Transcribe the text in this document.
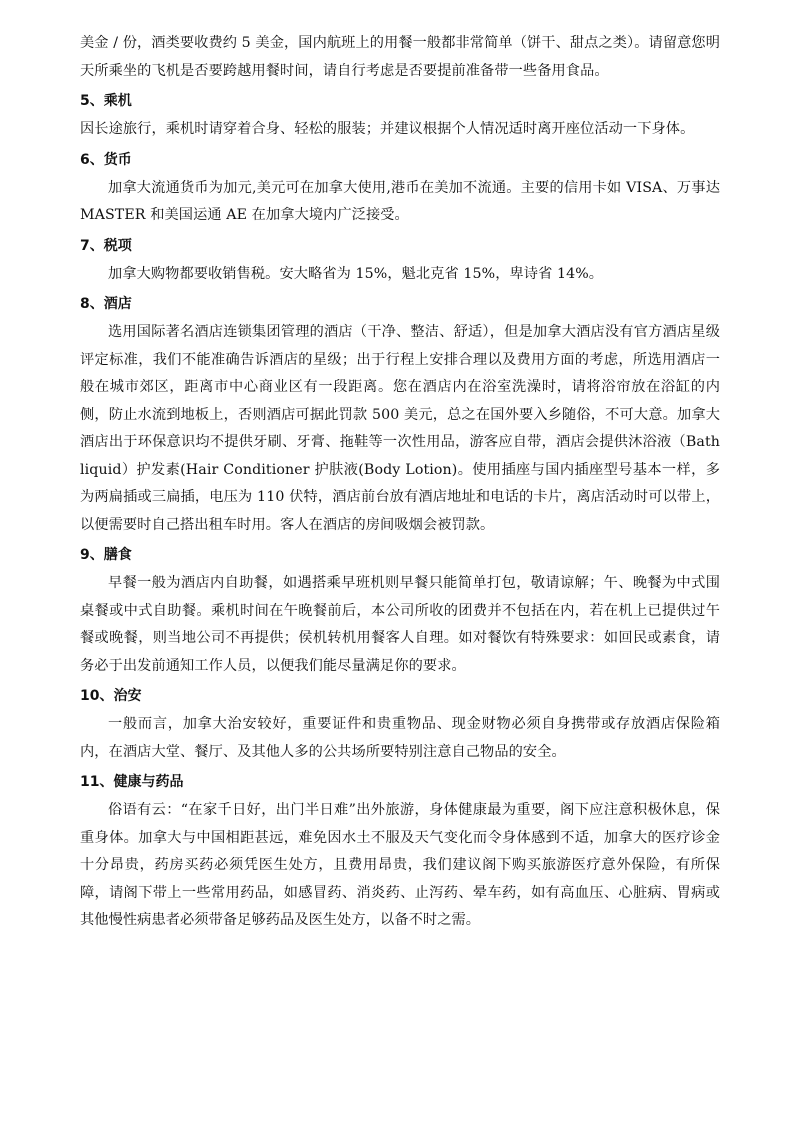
美金 / 份，酒类要收费约 5 美金，国内航班上的用餐一般都非常简单（饼干、甜点之类）。请留意您明天所乘坐的飞机是否要跨越用餐时间，请自行考虑是否要提前准备带一些备用食品。

5、乘机

因长途旅行，乘机时请穿着合身、轻松的服装；并建议根据个人情况适时离开座位活动一下身体。

6、货币

加拿大流通货币为加元,美元可在加拿大使用,港币在美加不流通。主要的信用卡如 VISA、万事达 MASTER 和美国运通 AE 在加拿大境内广泛接受。

7、税项

加拿大购物都要收销售税。安大略省为 15%，魁北克省 15%，卑诗省 14%。

8、酒店

选用国际著名酒店连锁集团管理的酒店（干净、整洁、舒适），但是加拿大酒店没有官方酒店星级评定标准，我们不能准确告诉酒店的星级；出于行程上安排合理以及费用方面的考虑，所选用酒店一般在城市郊区，距离市中心商业区有一段距离。您在酒店内在浴室洗澡时，请将浴帘放在浴缸的内侧，防止水流到地板上，否则酒店可据此罚款 500 美元，总之在国外要入乡随俗，不可大意。加拿大酒店出于环保意识均不提供牙刷、牙膏、拖鞋等一次性用品，游客应自带，酒店会提供沐浴液（Bath liquid）护发素(Hair Conditioner 护肤液(Body Lotion)。使用插座与国内插座型号基本一样，多为两扁插或三扁插，电压为 110 伏特，酒店前台放有酒店地址和电话的卡片，离店活动时可以带上，以便需要时自己搭出租车时用。客人在酒店的房间吸烟会被罚款。

9、膳食

早餐一般为酒店内自助餐，如遇搭乘早班机则早餐只能简单打包，敬请谅解；午、晚餐为中式围桌餐或中式自助餐。乘机时间在午晚餐前后，本公司所收的团费并不包括在内，若在机上已提供过午餐或晚餐，则当地公司不再提供；侯机转机用餐客人自理。如对餐饮有特殊要求：如回民或素食，请务必于出发前通知工作人员，以便我们能尽量满足你的要求。

10、治安

一般而言，加拿大治安较好，重要证件和贵重物品、现金财物必须自身携带或存放酒店保险箱内，在酒店大堂、餐厅、及其他人多的公共场所要特别注意自己物品的安全。

11、健康与药品

俗语有云：“在家千日好，出门半日难”出外旅游，身体健康最为重要，阁下应注意积极休息，保重身体。加拿大与中国相距甚远，难免因水土不服及天气变化而令身体感到不适，加拿大的医疗诊金十分昂贵，药房买药必须凭医生处方，且费用昂贵，我们建议阁下购买旅游医疗意外保险，有所保障，请阁下带上一些常用药品，如感冒药、消炎药、止泻药、晕车药，如有高血压、心脏病、胃病或其他慢性病患者必须带备足够药品及医生处方，以备不时之需。
